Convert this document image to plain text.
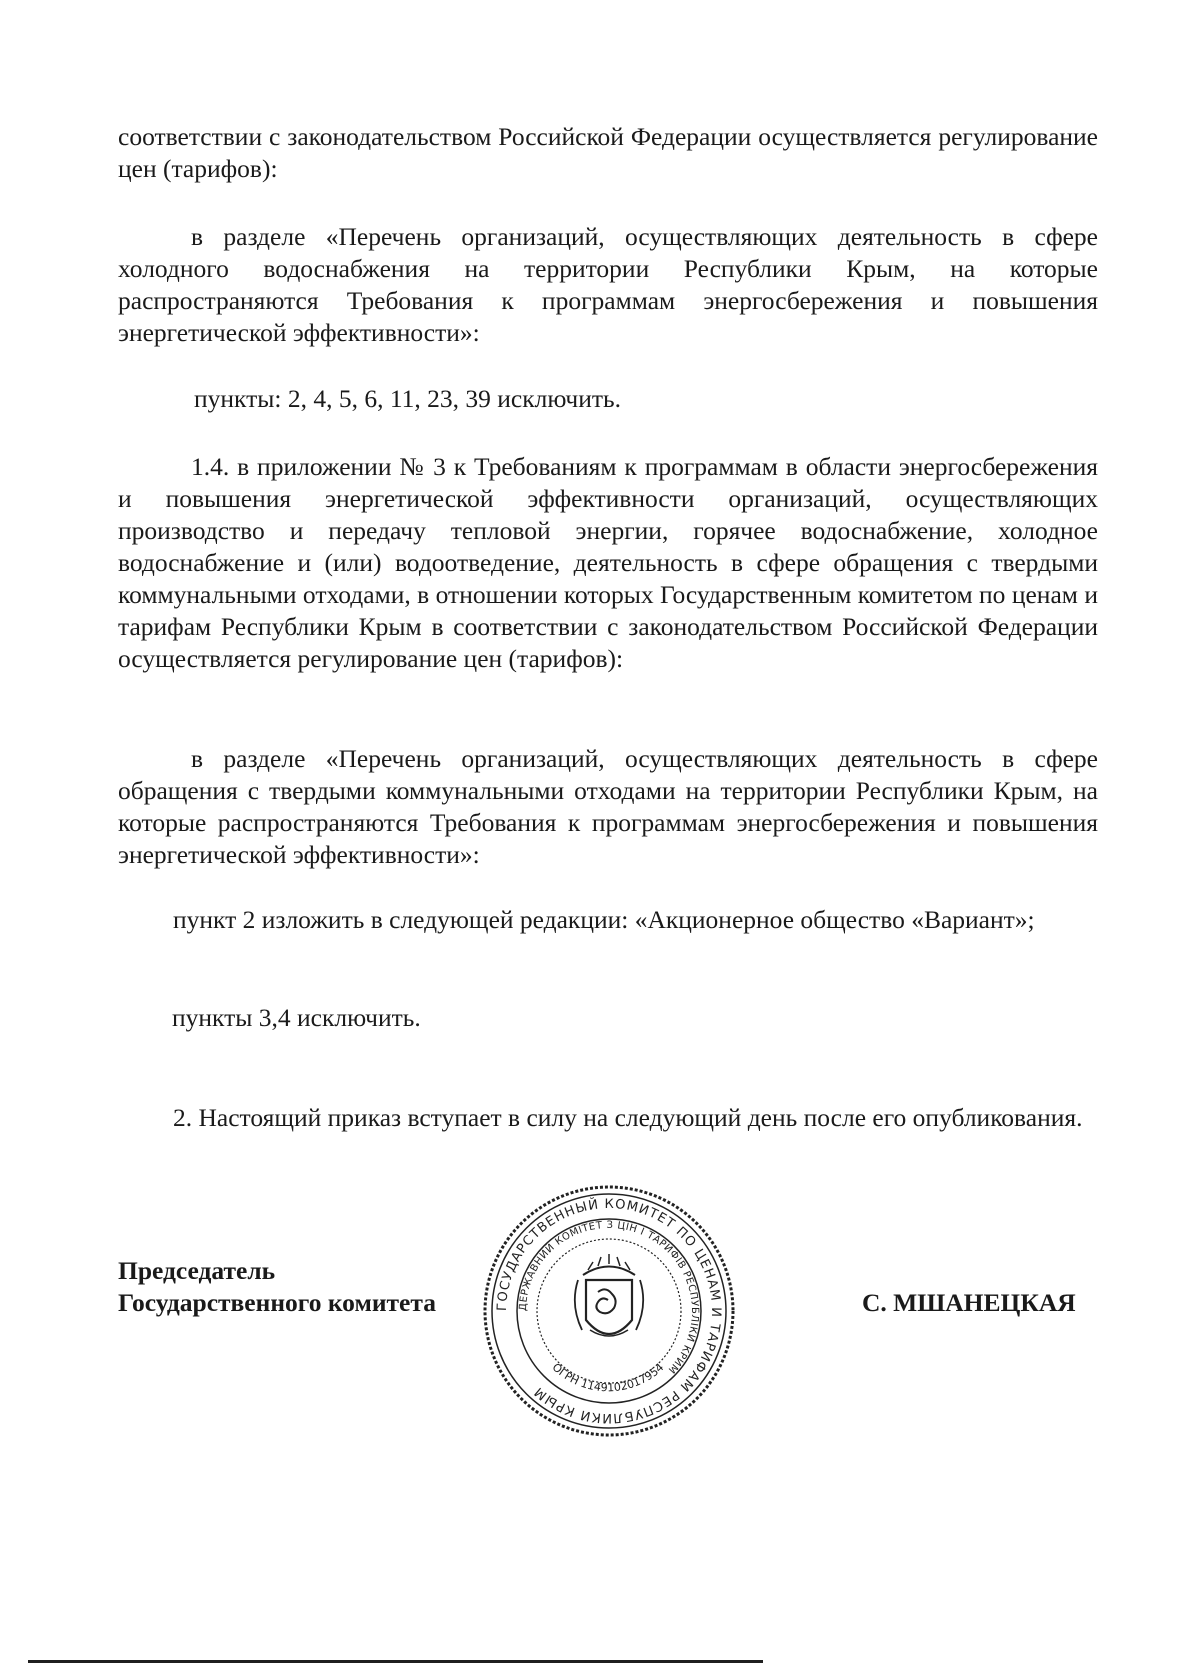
соответствии с законодательством Российской Федерации осуществляется регулирование цен (тарифов):

в разделе «Перечень организаций, осуществляющих деятельность в сфере холодного водоснабжения на территории Республики Крым, на которые распространяются Требования к программам энергосбережения и повышения энергетической эффективности»:

пункты: 2, 4, 5, 6, 11, 23, 39 исключить.

1.4. в приложении № 3 к Требованиям к программам в области энергосбережения и повышения энергетической эффективности организаций, осуществляющих производство и передачу тепловой энергии, горячее водоснабжение, холодное водоснабжение и (или) водоотведение, деятельность в сфере обращения с твердыми коммунальными отходами, в отношении которых Государственным комитетом по ценам и тарифам Республики Крым в соответствии с законодательством Российской Федерации осуществляется регулирование цен (тарифов):

в разделе «Перечень организаций, осуществляющих деятельность в сфере обращения с твердыми коммунальными отходами на территории Республики Крым, на которые распространяются Требования к программам энергосбережения и повышения энергетической эффективности»:

пункт 2 изложить в следующей редакции: «Акционерное общество «Вариант»;

пункты 3,4 исключить.

2. Настоящий приказ вступает в силу на следующий день после его опубликования.

Председатель
Государственного комитета	С. МШАНЕЦКАЯ
ГОСУДАРСТВЕННЫЙ КОМИТЕТ ПО ЦЕНАМ И ТАРИФАМ РЕСПУБЛИКИ КРЫМ
ДЕРЖАВНИЙ КОМІТЕТ З ЦІН І ТАРИФІВ РЕСПУБЛІКИ КРИМ
ОГРН 1149102017954
